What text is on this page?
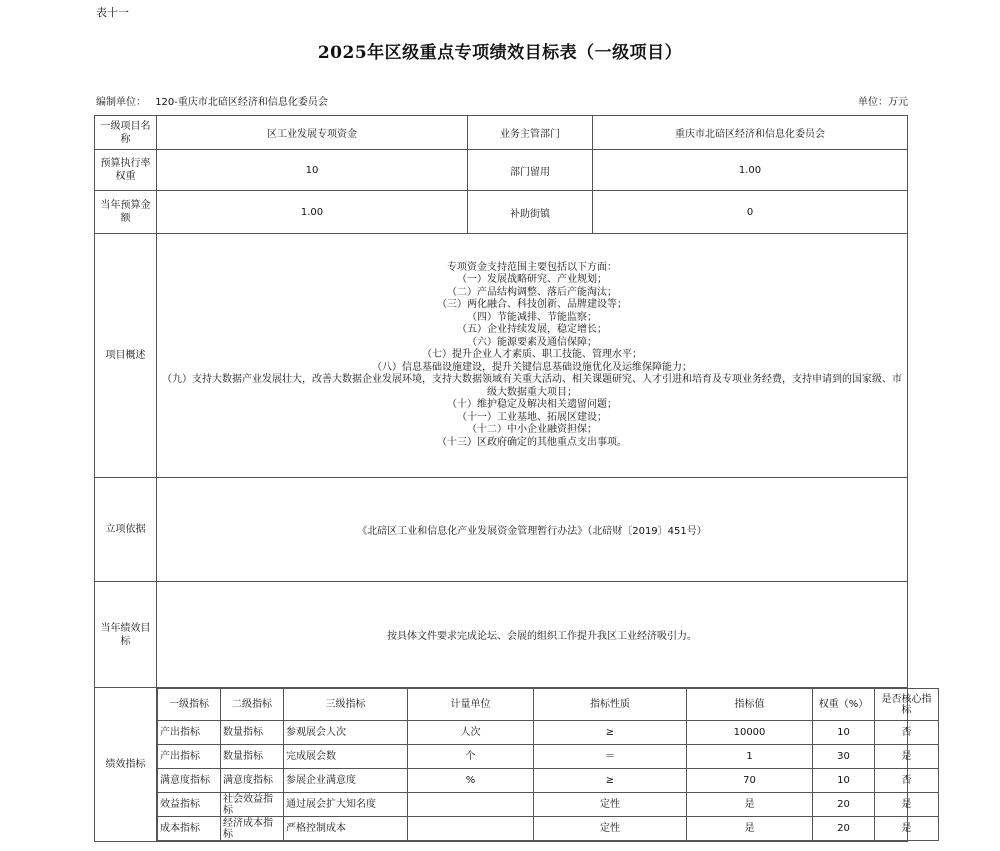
表十一
2025年区级重点专项绩效目标表（一级项目）
编制单位： 120-重庆市北碚区经济和信息化委员会	单位：万元
一级项目名称	区工业发展专项资金	业务主管部门	重庆市北碚区经济和信息化委员会
预算执行率权重	10	部门留用	1.00
当年预算金额	1.00	补助街镇	0
项目概述	
专项资金支持范围主要包括以下方面：
（一）发展战略研究、产业规划；
（二）产品结构调整、落后产能淘汰；
（三）两化融合、科技创新、品牌建设等；
（四）节能减排、节能监察；
（五）企业持续发展，稳定增长；
（六）能源要素及通信保障；
（七）提升企业人才素质、职工技能、管理水平；
（八）信息基础设施建设，提升关键信息基础设施优化及运维保障能力；
（九）支持大数据产业发展壮大，改善大数据企业发展环境，支持大数据领域有关重大活动、相关课题研究、人才引进和培育及专项业务经费，支持申请到的国家级、市级大数据重大项目；
（十）维护稳定及解决相关遗留问题；
（十一）工业基地、拓展区建设；
（十二）中小企业融资担保；
（十三）区政府确定的其他重点支出事项。

立项依据	《北碚区工业和信息化产业发展资金管理暂行办法》（北碚财〔2019〕451号）
当年绩效目标	按具体文件要求完成论坛、会展的组织工作提升我区工业经济吸引力。
绩效指标	
一级指标	二级指标	三级指标	计量单位	指标性质	指标值	权重（%）	是否核心指标
产出指标	数量指标	参观展会人次	人次	≥	10000	10	否
产出指标	数量指标	完成展会数	个	＝	1	30	是
满意度指标	满意度指标	参展企业满意度	%	≥	70	10	否
效益指标	社会效益指标	通过展会扩大知名度		定性	是	20	是
成本指标	经济成本指标	严格控制成本		定性	是	20	是
